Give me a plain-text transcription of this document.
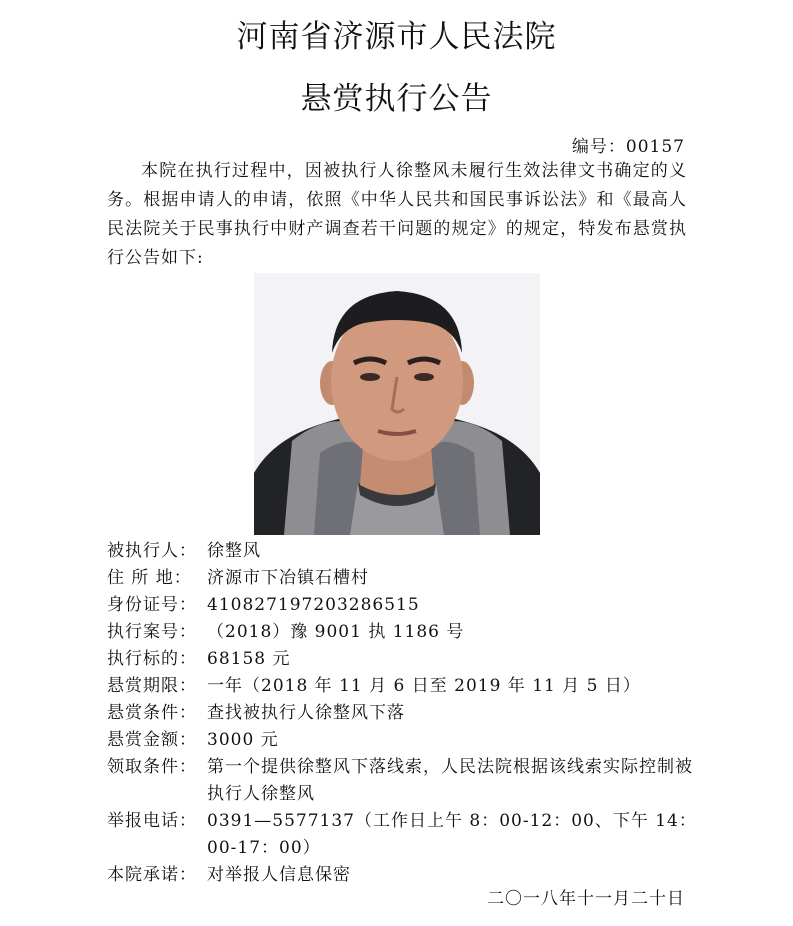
河南省济源市人民法院
悬赏执行公告
编号：00157
本院在执行过程中，因被执行人徐整风未履行生效法律文书确定的义务。根据申请人的申请，依照《中华人民共和国民事诉讼法》和《最高人民法院关于民事执行中财产调查若干问题的规定》的规定，特发布悬赏执行公告如下:
被执行人： 徐整风
住 所 地： 济源市下冶镇石槽村
身份证号： 410827197203286515
执行案号： （2018）豫 9001 执 1186 号
执行标的： 68158 元
悬赏期限： 一年（2018 年 11 月 6 日至 2019 年 11 月 5 日）
悬赏条件： 查找被执行人徐整风下落
悬赏金额： 3000 元
领取条件： 第一个提供徐整风下落线索，人民法院根据该线索实际控制被执行人徐整风
举报电话： 0391—5577137（工作日上午 8：00-12：00、下午 14：00-17：00）
本院承诺： 对举报人信息保密
二〇一八年十一月二十日
